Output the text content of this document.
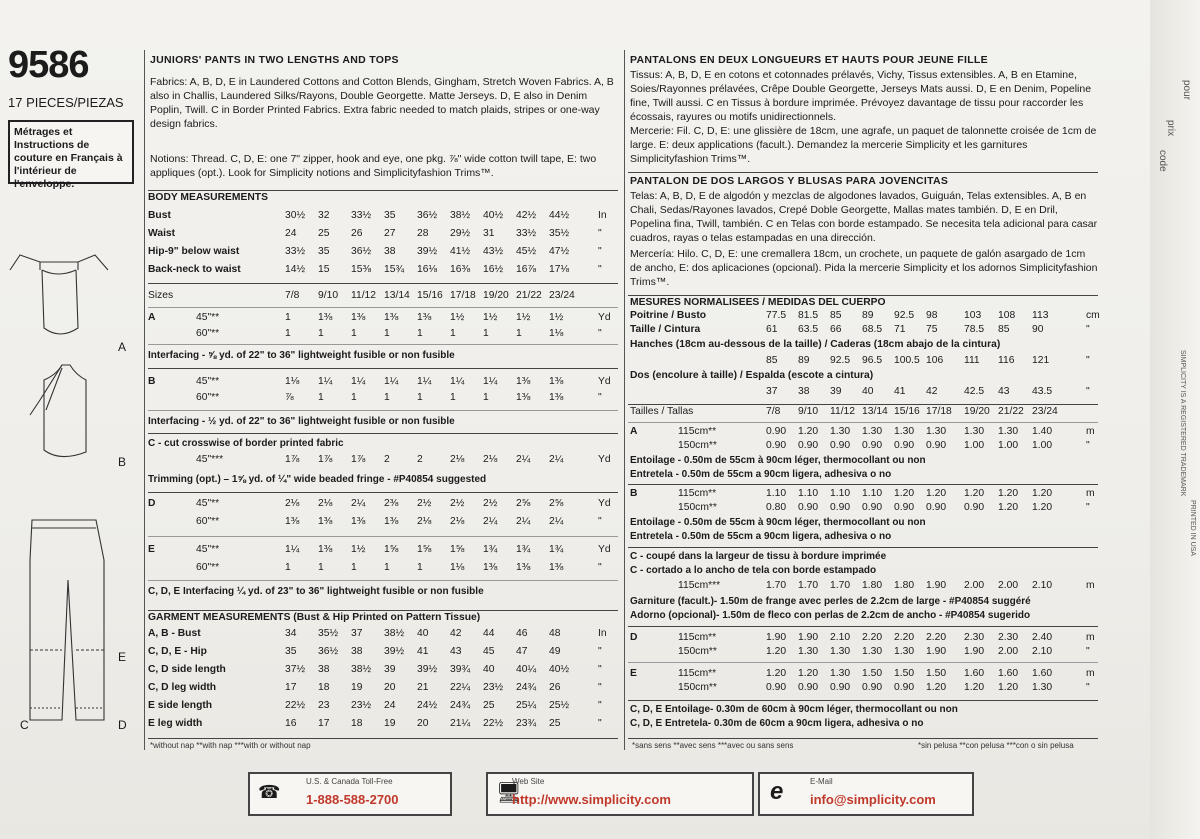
9586
17 PIECES/PIEZAS
Métrages et Instructions de couture en Français à l'intérieur de l'enveloppe.
A
B
C	D
E
JUNIORS' PANTS IN TWO LENGTHS AND TOPS
Fabrics: A, B, D, E in Laundered Cottons and Cotton Blends, Gingham, Stretch Woven Fabrics. A, B also in Challis, Laundered Silks/Rayons, Double Georgette. Matte Jerseys. D, E also in Denim Poplin, Twill. C in Border Printed Fabrics. Extra fabric needed to match plaids, stripes or one-way design fabrics.
Notions: Thread. C, D, E: one 7" zipper, hook and eye, one pkg. ⅞" wide cotton twill tape, E: two appliques (opt.). Look for Simplicity notions and Simplicityfashion Trims™.
BODY MEASUREMENTS
Bust	30½	32	33½	35	36½	38½	40½	42½	44½	In
Waist	24	25	26	27	28	29½	31	33½	35½	"
Hip-9" below waist	33½	35	36½	38	39½	41½	43½	45½	47½	"
Back-neck to waist	14½	15	15⅜	15¾	16⅛	16⅜	16½	16⅞	17⅛	"
Sizes	7/8	9/10	11/12 13/14 15/16 17/18 19/20 21/22 23/24
A	45"**	1	1⅜	1⅜	1⅜	1⅜	1½	1½	1½	1½	Yd
60"**	1	1	1	1	1	1	1	1	1⅛	"
B	45"**	1⅛	1¼	1¼	1¼	1¼	1¼	1¼	1⅜	1⅜	Yd
60"**	⅞	1	1	1	1	1	1	1⅜	1⅜	"
45"***	1⅞	1⅞	1⅞	2	2	2⅛	2⅛	2¼	2¼	Yd
D	45"**	2⅛	2⅛	2¼	2⅜	2½	2½	2½	2⅝	2⅝	Yd
60"**	1⅜	1⅜	1⅜	1⅜	2⅛	2⅛	2¼	2¼	2¼	"
E	45"**	1¼	1⅜	1½	1⅝	1⅝	1⅝	1¾	1¾	1¾	Yd
60"**	1	1	1	1	1	1⅛	1⅜	1⅜	1⅜	"
Interfacing - ⅝ yd. of 22" to 36" lightweight fusible or non fusible
Interfacing - ½ yd. of 22" to 36" lightweight fusible or non fusible
C - cut crosswise of border printed fabric
Trimming (opt.) – 1⅝ yd. of ¼" wide beaded fringe - #P40854 suggested
C, D, E Interfacing ¼ yd. of 23" to 36" lightweight fusible or non fusible
GARMENT MEASUREMENTS (Bust & Hip Printed on Pattern Tissue)
A, B - Bust	34	35½	37	38½	40	42	44	46	48	In
C, D, E - Hip	35	36½	38	39½	41	43	45	47	49	"
C, D side length	37½	38	38½	39	39½	39¾	40	40¼	40½	"
C, D leg width	17	18	19	20	21	22¼	23½	24¾	26	"
E side length	22½	23	23½	24	24½	24¾	25	25¼	25½	"
E leg width	16	17	18	19	20	21¼	22½	23¾	25	"
*without nap **with nap ***with or without nap
PANTALONS EN DEUX LONGUEURS ET HAUTS POUR JEUNE FILLE
Tissus: A, B, D, E en cotons et cotonnades prélavés, Vichy, Tissus extensibles. A, B en Etamine, Soies/Rayonnes prélavées, Crêpe Double Georgette, Jerseys Mats aussi. D, E en Denim, Popeline fine, Twill aussi. C en Tissus à bordure imprimée. Prévoyez davantage de tissu pour raccorder les écossais, rayures ou motifs unidirectionnels.
Mercerie: Fil. C, D, E: une glissière de 18cm, une agrafe, un paquet de talonnette croisée de 1cm de large. E: deux applications (facult.). Demandez la mercerie Simplicity et les garnitures Simplicityfashion Trims™.
PANTALON DE DOS LARGOS Y BLUSAS PARA JOVENCITAS
Telas: A, B, D, E de algodón y mezclas de algodones lavados, Guiguán, Telas extensibles. A, B en Chali, Sedas/Rayones lavados, Crepé Doble Georgette, Mallas mates también. D, E en Dril, Popelina fina, Twill, también. C en Telas con borde estampado. Se necesita tela adicional para casar cuadros, rayas o telas estampadas en una dirección.
Mercería: Hilo. C, D, E: une cremallera 18cm, un crochete, un paquete de galón asargado de 1cm de ancho, E: dos aplicaciones (opcional). Pida la mercerie Simplicity et los adornos Simplicityfashion Trims™.
MESURES NORMALISEES / MEDIDAS DEL CUERPO
Poitrine / Busto	77.5	81.5	85	89	92.5	98	103	108	113	cm
Taille / Cintura	61	63.5	66	68.5	71	75	78.5	85	90	"
Hanches (18cm au-dessous de la taille) / Caderas (18cm abajo de la cintura)
85	89	92.5	96.5	100.5 106	111	116	121	"
Dos (encolure à taille) / Espalda (escote a cintura)
37	38	39	40	41	42	42.5	43	43.5	"
Tailles / Tallas	7/8	9/10	11/12 13/14 15/16 17/18	19/20 21/22 23/24
A	115cm**	0.90	1.20	1.30	1.30	1.30	1.30	1.30	1.30	1.40	m
150cm**	0.90	0.90	0.90	0.90	0.90	0.90	1.00	1.00	1.00	"
B	115cm**	1.10	1.10	1.10	1.10	1.20	1.20	1.20	1.20	1.20	m
150cm**	0.80	0.90	0.90	0.90	0.90	0.90	0.90	1.20	1.20	"
115cm***	1.70	1.70	1.70	1.80	1.80	1.90	2.00	2.00	2.10	m
D	115cm**	1.90	1.90	2.10	2.20	2.20	2.20	2.30	2.30	2.40	m
150cm**	1.20	1.30	1.30	1.30	1.30	1.90	1.90	2.00	2.10	"
E	115cm**	1.20	1.20	1.30	1.50	1.50	1.50	1.60	1.60	1.60	m
150cm**	0.90	0.90	0.90	0.90	0.90	1.20	1.20	1.20	1.30	"
Entoilage - 0.50m de 55cm à 90cm léger, thermocollant ou non
Entretela - 0.50m de 55cm a 90cm ligera, adhesiva o no
Entoilage - 0.50m de 55cm à 90cm léger, thermocollant ou non
Entretela - 0.50m de 55cm a 90cm ligera, adhesiva o no
C - coupé dans la largeur de tissu à bordure imprimée
C - cortado a lo ancho de tela con borde estampado
Garniture (facult.)- 1.50m de frange avec perles de 2.2cm de large - #P40854 suggéré
Adorno (opcional)- 1.50m de fleco con perlas de 2.2cm de ancho - #P40854 sugerido
C, D, E Entoilage- 0.30m de 60cm à 90cm léger, thermocollant ou non
C, D, E Entretela- 0.30m de 60cm a 90cm ligera, adhesiva o no
*sans sens **avec sens ***avec ou sans sens	*sin pelusa **con pelusa ***con o sin pelusa
☎
U.S. & Canada Toll-Free
1-888-588-2700	🖥
Web Site
http://www.simplicity.com	e	E-Mail
info@simplicity.com
pour
prix
code
PRINTED IN USA
SIMPLICITY IS A REGISTERED TRADEMARK
